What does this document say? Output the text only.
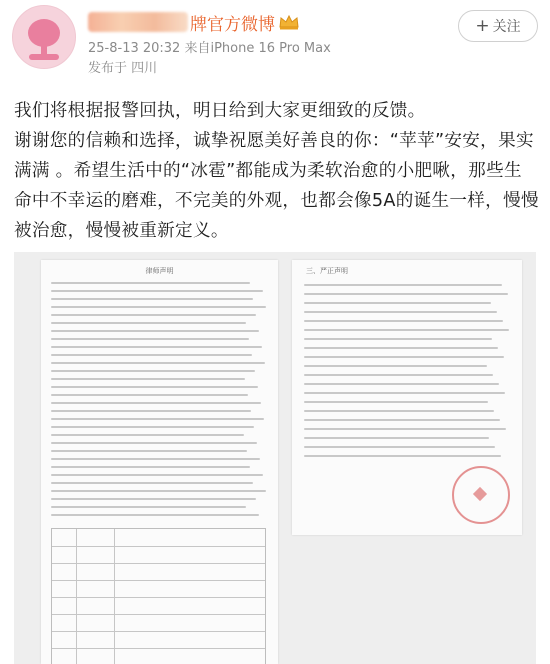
牌官方微博
25-8-13 20:32 来自iPhone 16 Pro Max
发布于 四川
+ 关注

我们将根据报警回执，明日给到大家更细致的反馈。

谢谢您的信赖和选择，诚挚祝愿美好善良的你：“苹苹”安安，果实满满 。希望生活中的“冰雹”都能成为柔软治愈的小肥啾，那些生命中不幸运的磨难，不完美的外观，也都会像5A的诞生一样，慢慢被治愈，慢慢被重新定义。

律师声明	三、严正声明
